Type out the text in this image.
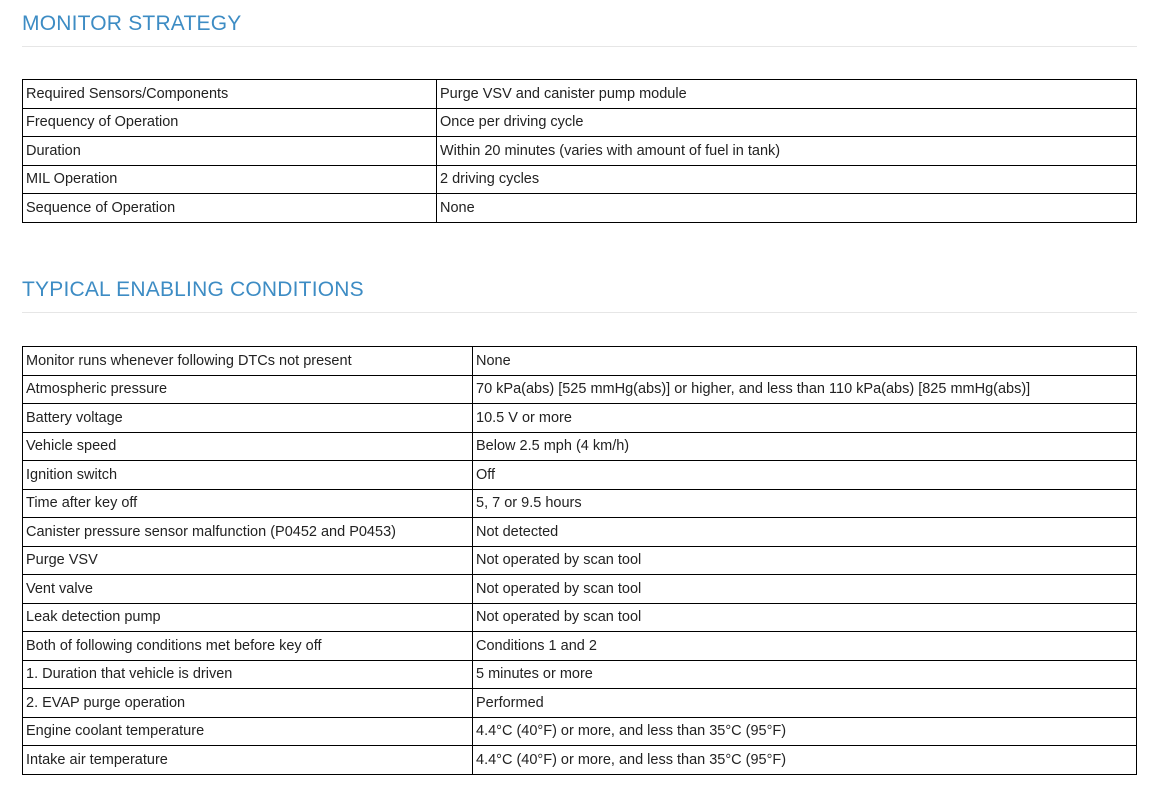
MONITOR STRATEGY
Required Sensors/Components	Purge VSV and canister pump module
Frequency of Operation	Once per driving cycle
Duration	Within 20 minutes (varies with amount of fuel in tank)
MIL Operation	2 driving cycles
Sequence of Operation	None
TYPICAL ENABLING CONDITIONS
Monitor runs whenever following DTCs not present	None
Atmospheric pressure	70 kPa(abs) [525 mmHg(abs)] or higher, and less than 110 kPa(abs) [825 mmHg(abs)]
Battery voltage	10.5 V or more
Vehicle speed	Below 2.5 mph (4 km/h)
Ignition switch	Off
Time after key off	5, 7 or 9.5 hours
Canister pressure sensor malfunction (P0452 and P0453)	Not detected
Purge VSV	Not operated by scan tool
Vent valve	Not operated by scan tool
Leak detection pump	Not operated by scan tool
Both of following conditions met before key off	Conditions 1 and 2
1. Duration that vehicle is driven	5 minutes or more
2. EVAP purge operation	Performed
Engine coolant temperature	4.4°C (40°F) or more, and less than 35°C (95°F)
Intake air temperature	4.4°C (40°F) or more, and less than 35°C (95°F)
